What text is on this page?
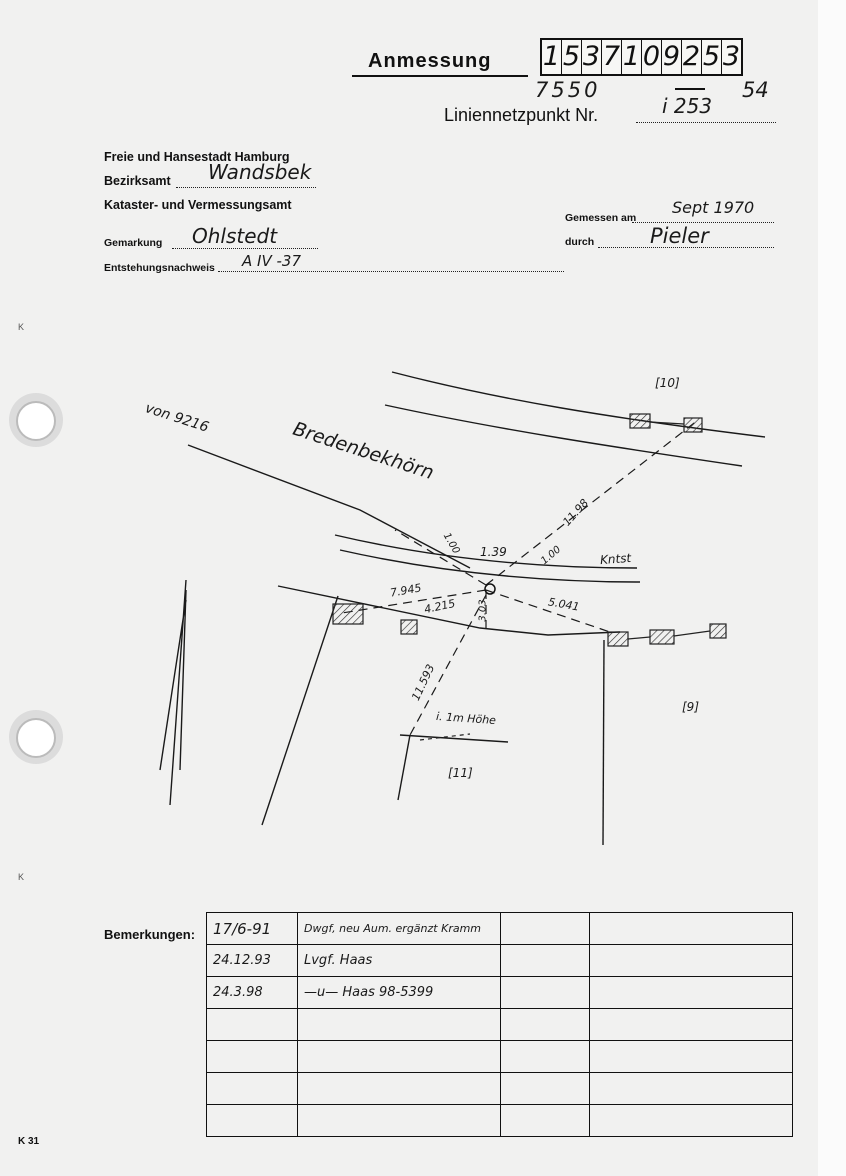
Anmessung 1 5 3 7 1 0 9 2 5 3
7550	54
Liniennetzpunkt Nr.	i 253
Freie und Hansestadt Hamburg
Bezirksamt Wandsbek
Kataster- und Vermessungsamt
Gemarkung Ohlstedt
Entstehungsnachweis A IV -37
Gemessen am
Sept 1970
durch	Pieler
von 9216	Bredenbekhörn
[10]
[9]
[11]
Kntst
i. 1m Höhe
1.00 1.39	1.00
11.98
7.945
4.215	5.041
3.03
11.593
Bemerkungen: 17/6-91	Dwgf, neu Aum. ergänzt Kramm		
24.12.93	Lvgf. Haas		
24.3.98	—u— Haas 98-5399		

K 31
K
K
